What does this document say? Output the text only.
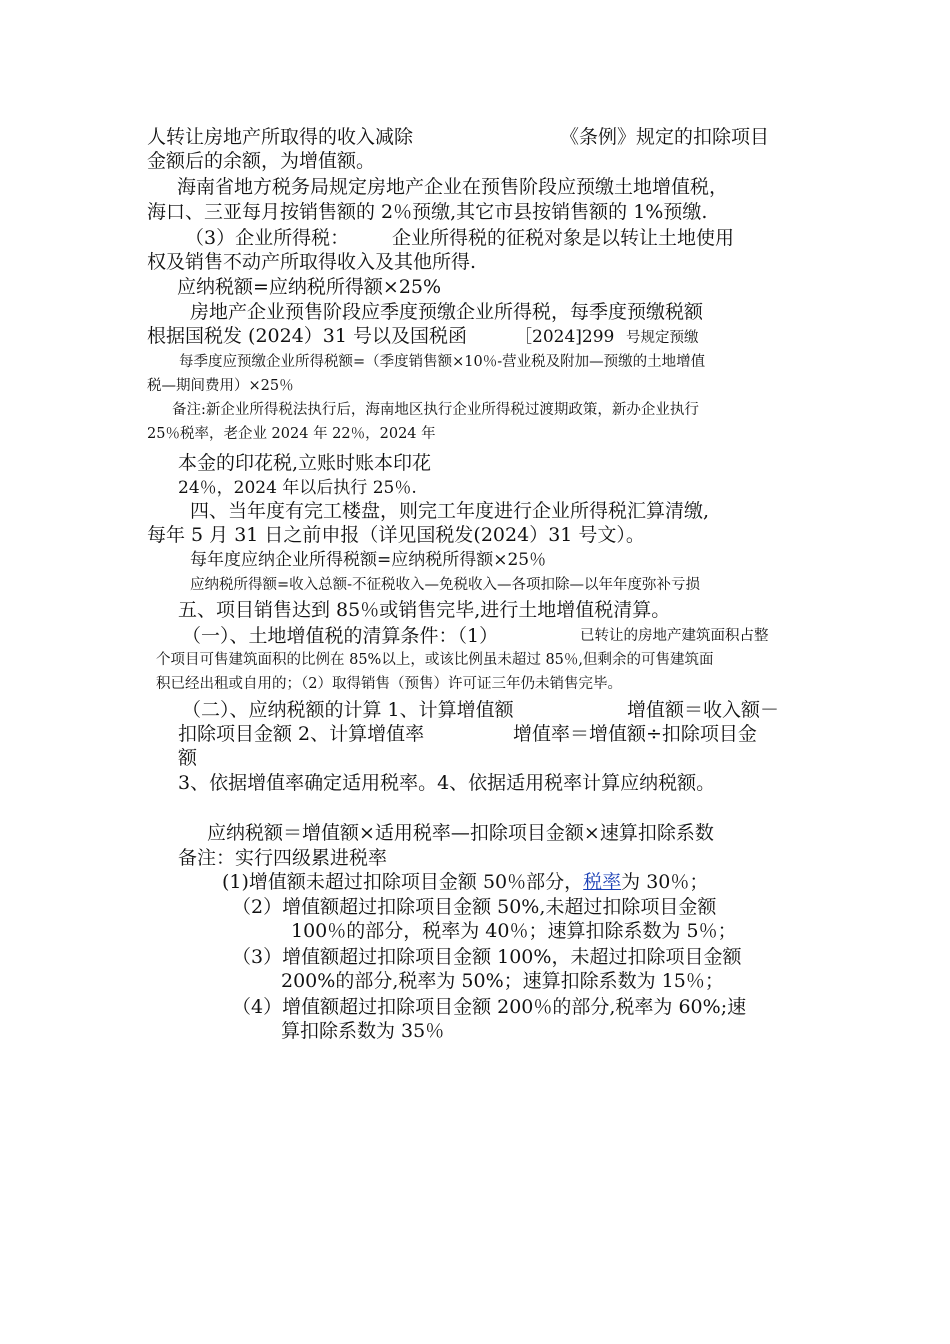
人转让房地产所取得的收入减除	《条例》规定的扣除项目
金额后的余额，为增值额。
海南省地方税务局规定房地产企业在预售阶段应预缴土地增值税，
海口、三亚每月按销售额的 2％预缴,其它市县按销售额的 1%预缴.
（3）企业所得税： 企业所得税的征税对象是以转让土地使用
权及销售不动产所取得收入及其他所得.
应纳税额=应纳税所得额×25%
房地产企业预售阶段应季度预缴企业所得税，每季度预缴税额
根据国税发 (2024）31 号以及国税函	［2024]299 号规定预缴
每季度应预缴企业所得税额=（季度销售额×10％-营业税及附加—预缴的土地增值
税—期间费用）×25％
备注:新企业所得税法执行后，海南地区执行企业所得税过渡期政策，新办企业执行
25％税率，老企业 2024 年 22％，2024 年
本金的印花税,立账时账本印花
24％，2024 年以后执行 25％.
四、当年度有完工楼盘，则完工年度进行企业所得税汇算清缴,
每年 5 月 31 日之前申报（详见国税发(2024）31 号文）。
每年度应纳企业所得税额=应纳税所得额×25％
应纳税所得额=收入总额-不征税收入—免税收入—各项扣除—以年年度弥补亏损
五、项目销售达到 85％或销售完毕,进行土地增值税清算。
（一）、土地增值税的清算条件：（1）	已转让的房地产建筑面积占整
个项目可售建筑面积的比例在 85%以上，或该比例虽未超过 85％,但剩余的可售建筑面
积已经出租或自用的；（2）取得销售（预售）许可证三年仍未销售完毕。
（二）、应纳税额的计算 1、计算增值额	增值额＝收入额－
扣除项目金额 2、计算增值率	增值率＝增值额÷扣除项目金
额
3、依据增值率确定适用税率。4、依据适用税率计算应纳税额。
应纳税额＝增值额×适用税率—扣除项目金额×速算扣除系数
备注：实行四级累进税率
(1)增值额未超过扣除项目金额 50％部分，税率为 30％；
（2）增值额超过扣除项目金额 50%,未超过扣除项目金额
100％的部分，税率为 40％；速算扣除系数为 5％；
（3）增值额超过扣除项目金额 100%，未超过扣除项目金额
200%的部分,税率为 50%；速算扣除系数为 15％；
（4）增值额超过扣除项目金额 200％的部分,税率为 60%;速
算扣除系数为 35％
